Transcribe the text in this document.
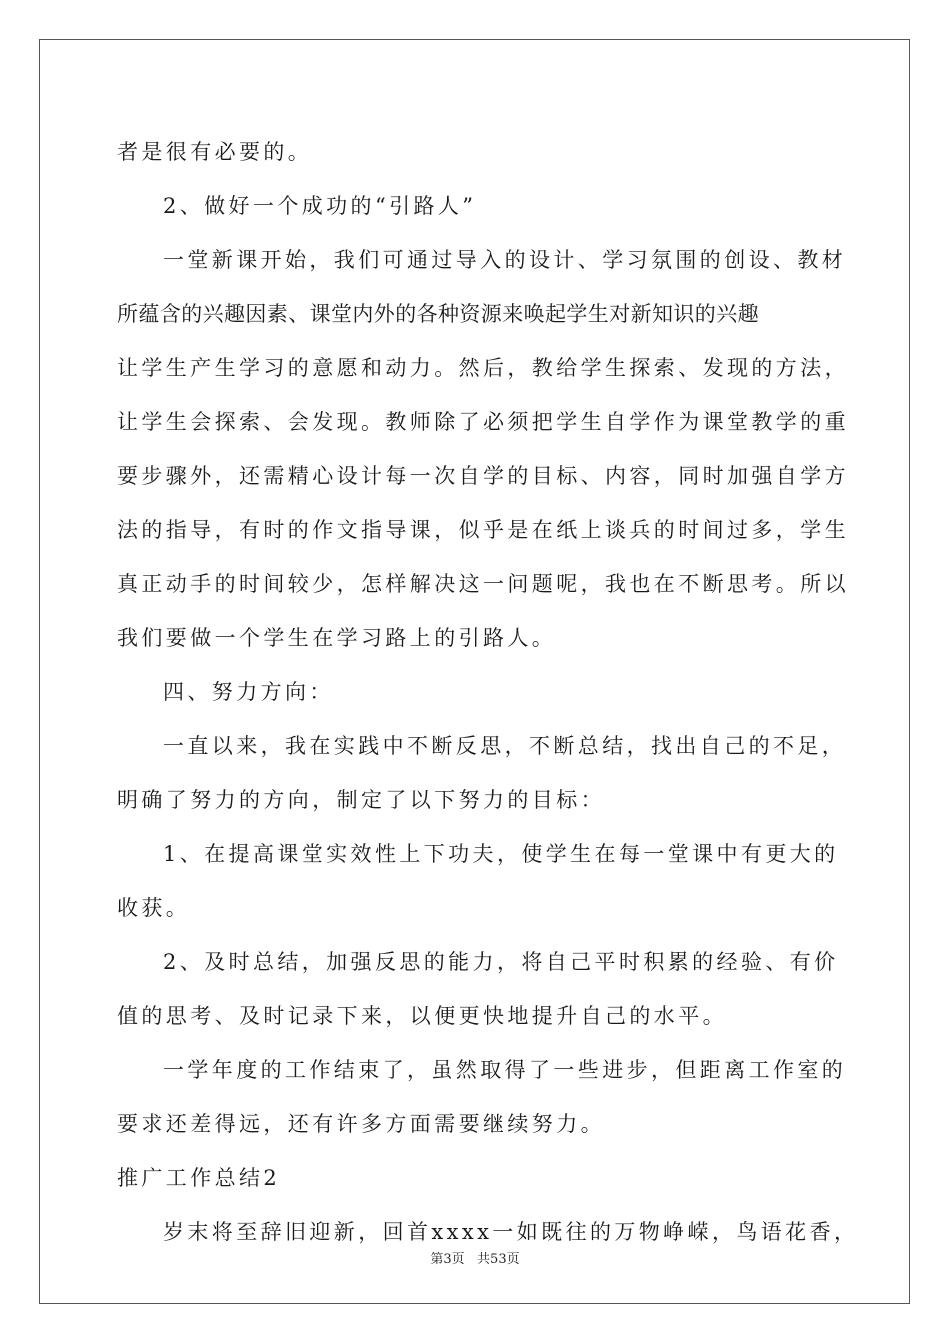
者是很有必要的。
2、做好一个成功的“引路人”
一堂新课开始，我们可通过导入的设计、学习氛围的创设、教材
所蕴含的兴趣因素、课堂内外的各种资源来唤起学生对新知识的兴趣
让学生产生学习的意愿和动力。然后，教给学生探索、发现的方法，
让学生会探索、会发现。教师除了必须把学生自学作为课堂教学的重
要步骤外，还需精心设计每一次自学的目标、内容，同时加强自学方
法的指导，有时的作文指导课，似乎是在纸上谈兵的时间过多，学生
真正动手的时间较少，怎样解决这一问题呢，我也在不断思考。所以
我们要做一个学生在学习路上的引路人。
四、努力方向：
一直以来，我在实践中不断反思，不断总结，找出自己的不足，
明确了努力的方向，制定了以下努力的目标：
1、在提高课堂实效性上下功夫，使学生在每一堂课中有更大的
收获。
2、及时总结，加强反思的能力，将自己平时积累的经验、有价
值的思考、及时记录下来，以便更快地提升自己的水平。
一学年度的工作结束了，虽然取得了一些进步，但距离工作室的
要求还差得远，还有许多方面需要继续努力。
推广工作总结2
岁末将至辞旧迎新，回首xxxx一如既往的万物峥嵘，鸟语花香，
第3页   共53页
